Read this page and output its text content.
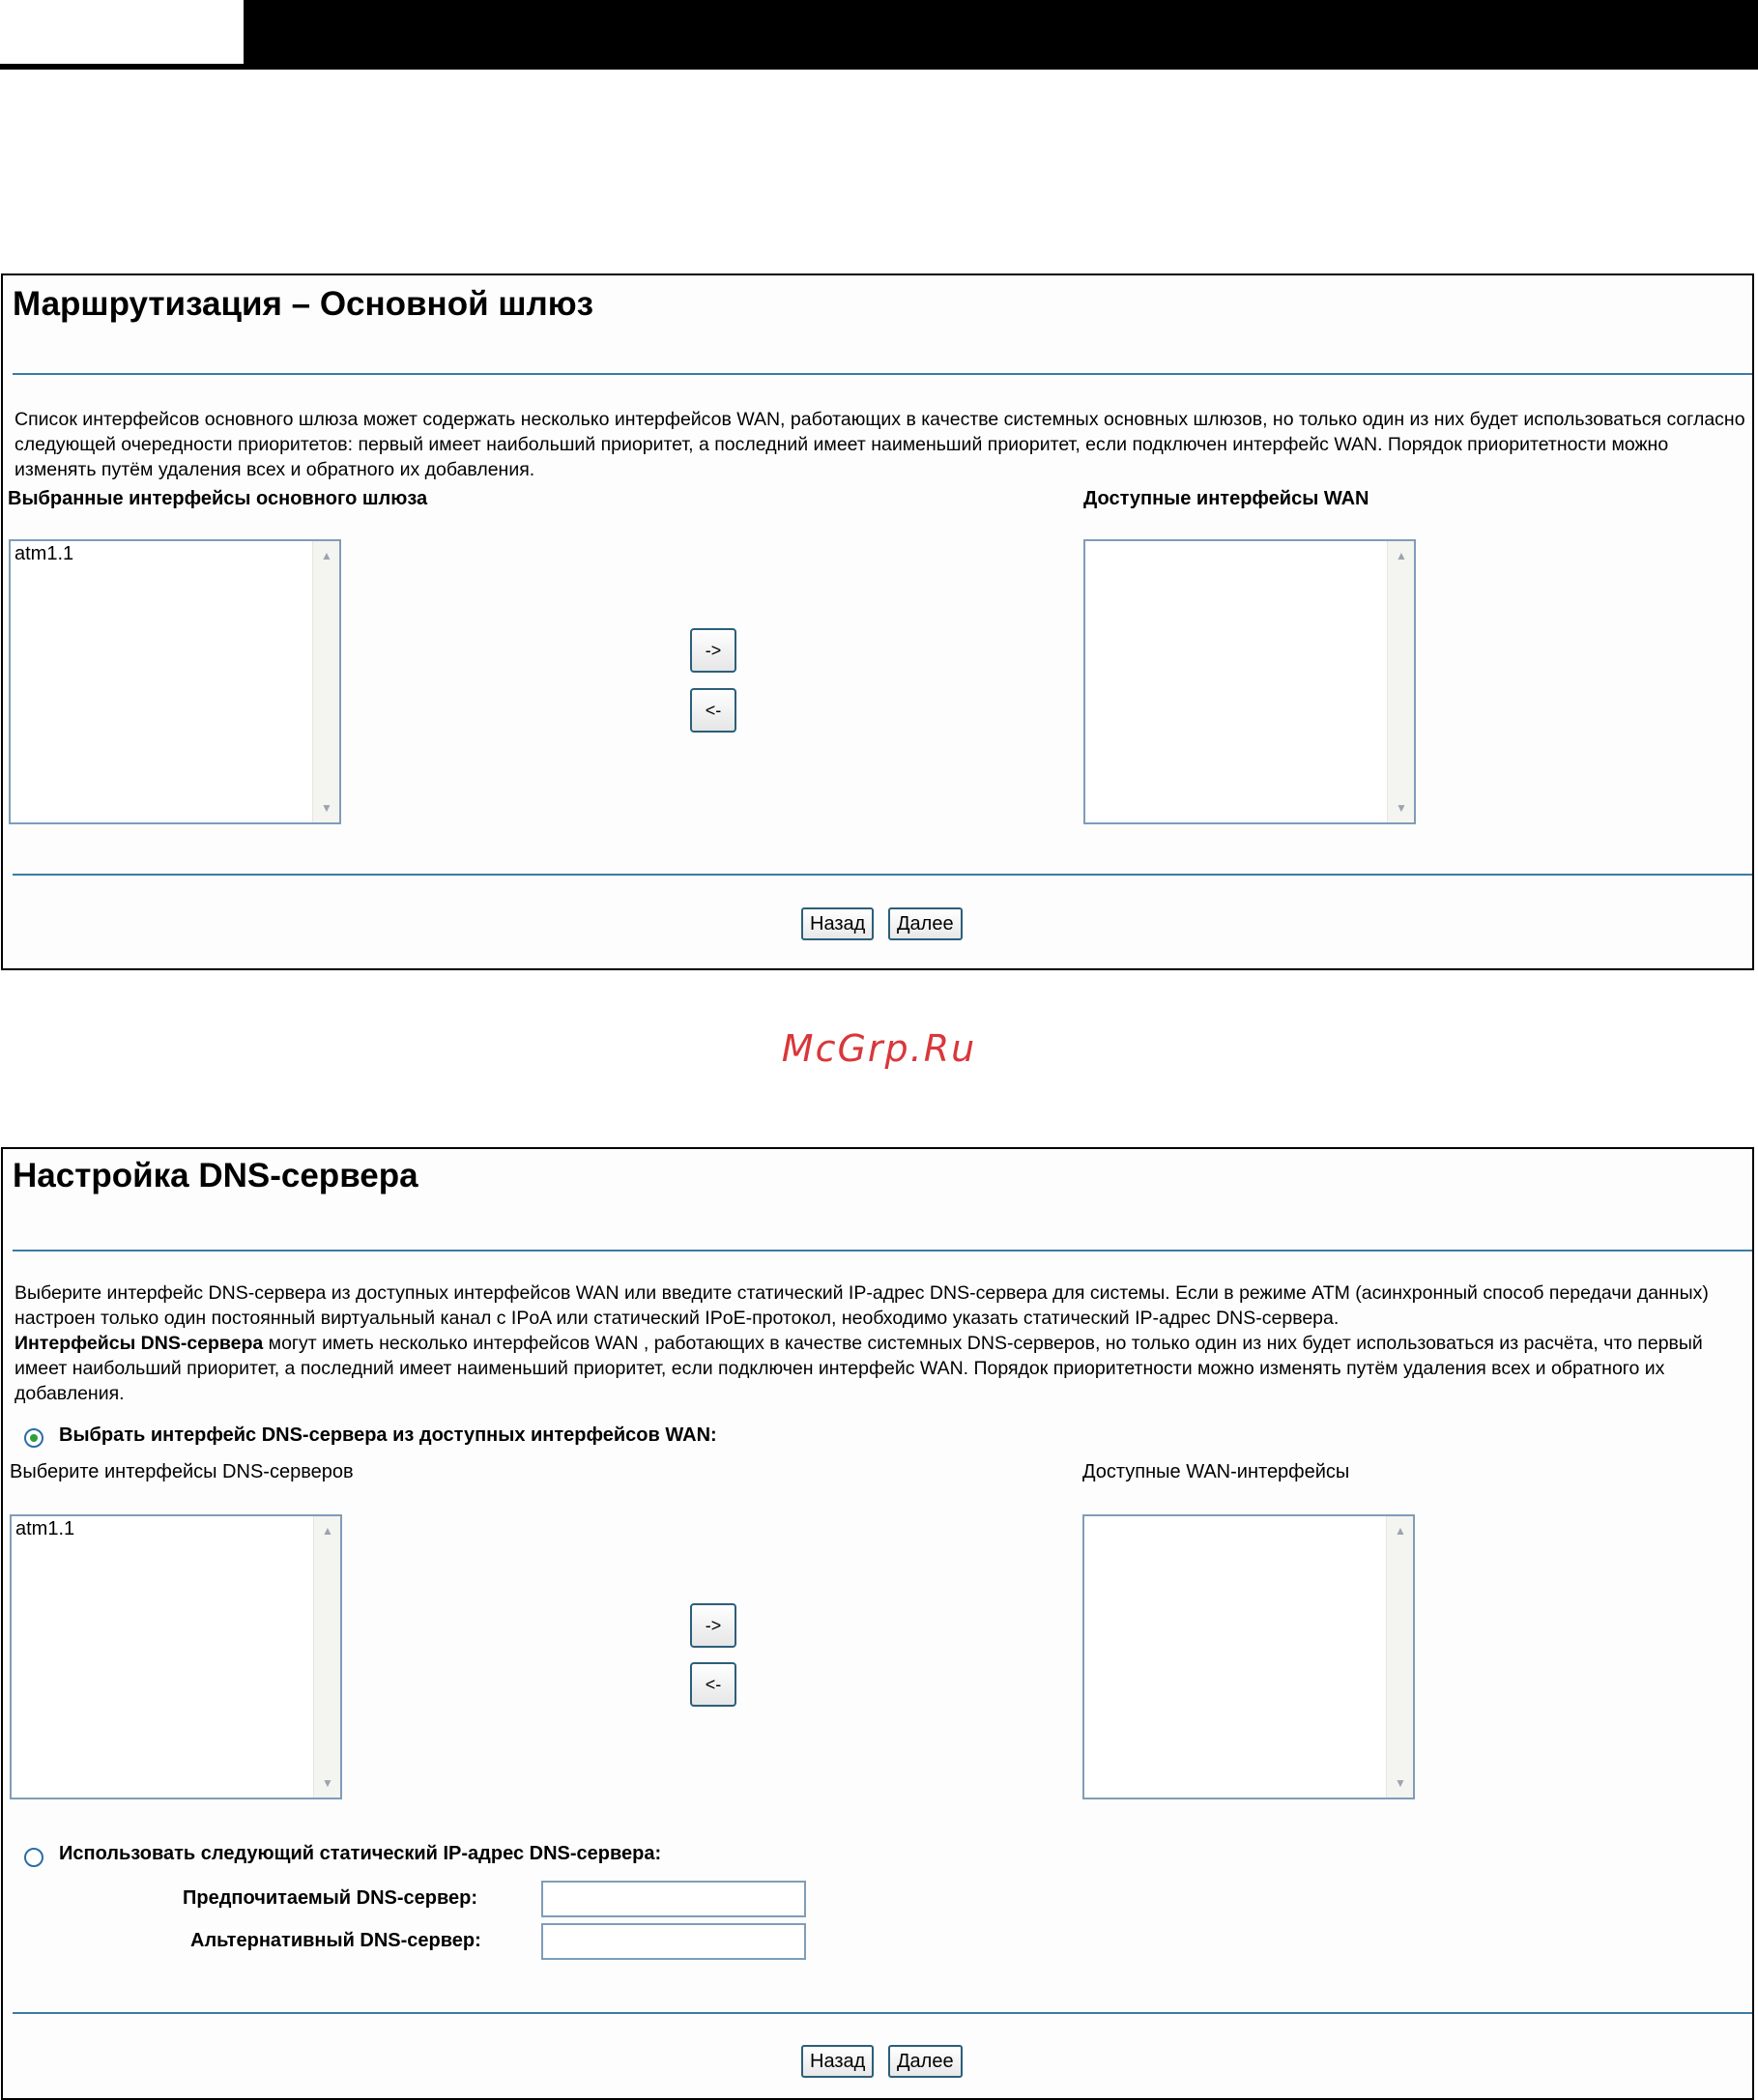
Маршрутизация – Основной шлюз

Список интерфейсов основного шлюза может содержать несколько интерфейсов WAN, работающих в качестве системных основных шлюзов, но только один из них будет использоваться согласно следующей очередности приоритетов: первый имеет наибольший приоритет, а последний имеет наименьший приоритет, если подключен интерфейс WAN. Порядок приоритетности можно изменять путём удаления всех и обратного их добавления.

Выбранные интерфейсы основного шлюза	Доступные интерфейсы WAN
atm1.1	▲
▼
->
<-
▲
▼
Назад	Далее
McGrp.Ru
Настройка DNS-сервера

Выберите интерфейс DNS-сервера из доступных интерфейсов WAN или введите статический IP-адрес DNS-сервера для системы. Если в режиме ATM (асинхронный способ передачи данных) настроен только один постоянный виртуальный канал с IPoA или статический IPoE-протокол, необходимо указать статический IP-адрес DNS-сервера.
Интерфейсы DNS-сервера могут иметь несколько интерфейсов WAN , работающих в качестве системных DNS-серверов, но только один из них будет использоваться из расчёта, что первый имеет наибольший приоритет, а последний имеет наименьший приоритет, если подключен интерфейс WAN. Порядок приоритетности можно изменять путём удаления всех и обратного их добавления.

Выбрать интерфейс DNS-сервера из доступных интерфейсов WAN:
Выберите интерфейсы DNS-серверов	Доступные WAN-интерфейсы
atm1.1	▲
▼
->
<-
▲
▼
Использовать следующий статический IP-адрес DNS-сервера:
Предпочитаемый DNS-сервер:
Альтернативный DNS-сервер:
Назад	Далее
